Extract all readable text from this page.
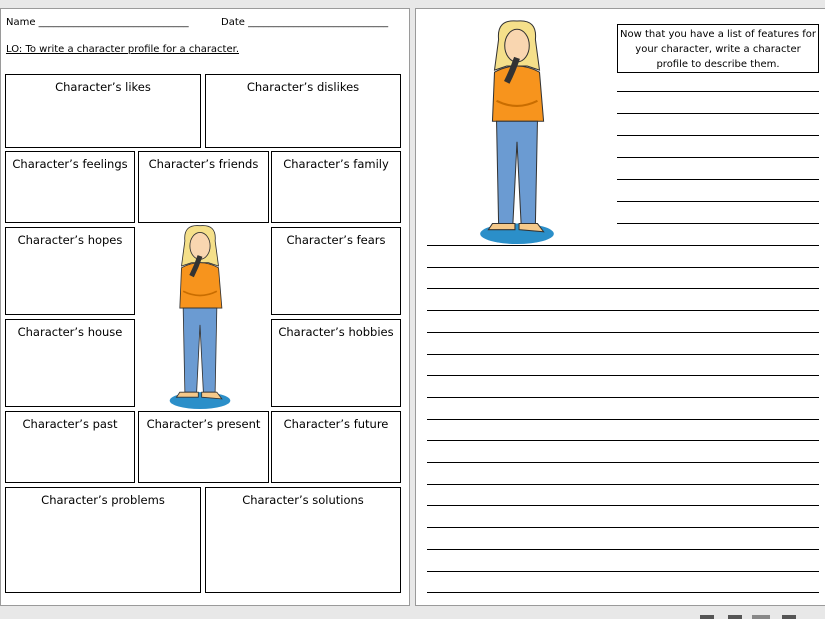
Name ______________________________	Date ____________________________
LO: To write a character profile for a character.
Character’s likes	Character’s dislikes
Character’s feelings	Character’s friends	Character’s family
Character’s hopes	Character’s fears
Character’s house	Character’s hobbies
Character’s past	Character’s present	Character’s future
Character’s problems	Character’s solutions
Now that you have a list of features for your character, write a character profile to describe them.
